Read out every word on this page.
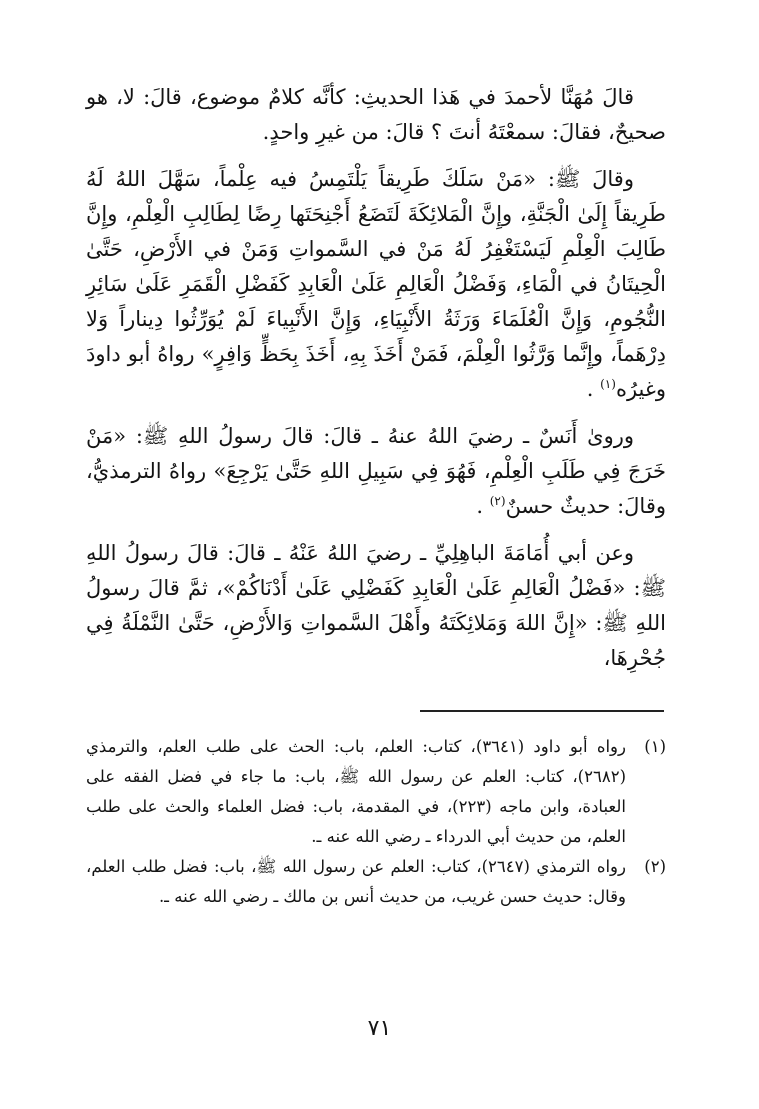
قالَ مُهَنَّا لأحمدَ في هَذا الحديثِ: كأنَّه كلامٌ موضوع، قالَ: لا، هو صحيحٌ، فقالَ: سمعْتَهُ أنتَ ؟ قالَ: من غيرِ واحدٍ.

وقالَ ﷺ: «مَنْ سَلَكَ طَرِيقاً يَلْتَمِسُ فيه عِلْماً، سَهَّلَ اللهُ لَهُ طَرِيقاً إِلَىٰ الْجَنَّةِ، وإِنَّ الْمَلائِكَةَ لَتَضَعُ أَجْنِحَتَها رِضًا لِطَالِبِ الْعِلْمِ، وإِنَّ طَالِبَ الْعِلْمِ لَيَسْتَغْفِرُ لَهُ مَنْ في السَّمواتِ وَمَنْ في الأَرْضِ، حَتَّىٰ الْحِيتَانُ في الْمَاءِ، وَفَضْلُ الْعَالِمِ عَلَىٰ الْعَابِدِ كَفَضْلِ الْقَمَرِ عَلَىٰ سَائِرِ النُّجُومِ، وَإِنَّ الْعُلَمَاءَ وَرَثَةُ الأَنْبِيَاءِ، وَإِنَّ الأَنْبِياءَ لَمْ يُوَرِّثُوا دِيناراً وَلا دِرْهَماً، وإِنَّما وَرَّثُوا الْعِلْمَ، فَمَنْ أَخَذَ بِهِ، أَخَذَ بِحَظٍّ وَافِرٍ» رواهُ أبو داودَ وغيرُه$^{(١)}$ .

وروىٰ أَنَسٌ ـ رضيَ اللهُ عنهُ ـ قالَ: قالَ رسولُ اللهِ ﷺ: «مَنْ خَرَجَ فِي طَلَبِ الْعِلْمِ، فَهُوَ فِي سَبِيلِ اللهِ حَتَّىٰ يَرْجِعَ» رواهُ الترمذيُّ، وقالَ: حديثٌ حسنٌ$^{(٢)}$ .

وعن أبي أُمَامَةَ الباهِلِيِّ ـ رضيَ اللهُ عَنْهُ ـ قالَ: قالَ رسولُ اللهِ ﷺ: «فَضْلُ الْعَالِمِ عَلَىٰ الْعَابِدِ كَفَضْلِي عَلَىٰ أَدْنَاكُمْ»، ثمَّ قالَ رسولُ اللهِ ﷺ: «إِنَّ اللهَ وَمَلائِكَتَهُ وأَهْلَ السَّمواتِ وَالأَرْضِ، حَتَّىٰ النَّمْلَةُ فِي جُحْرِهَا،

(١)
رواه أبو داود (٣٦٤١)، كتاب: العلم، باب: الحث على طلب العلم، والترمذي (٢٦٨٢)، كتاب: العلم عن رسول الله ﷺ، باب: ما جاء في فضل الفقه على العبادة، وابن ماجه (٢٢٣)، في المقدمة، باب: فضل العلماء والحث على طلب العلم، من حديث أبي الدرداء ـ رضي الله عنه ـ.

(٢)
رواه الترمذي (٢٦٤٧)، كتاب: العلم عن رسول الله ﷺ، باب: فضل طلب العلم، وقال: حديث حسن غريب، من حديث أنس بن مالك ـ رضي الله عنه ـ.

٧١
